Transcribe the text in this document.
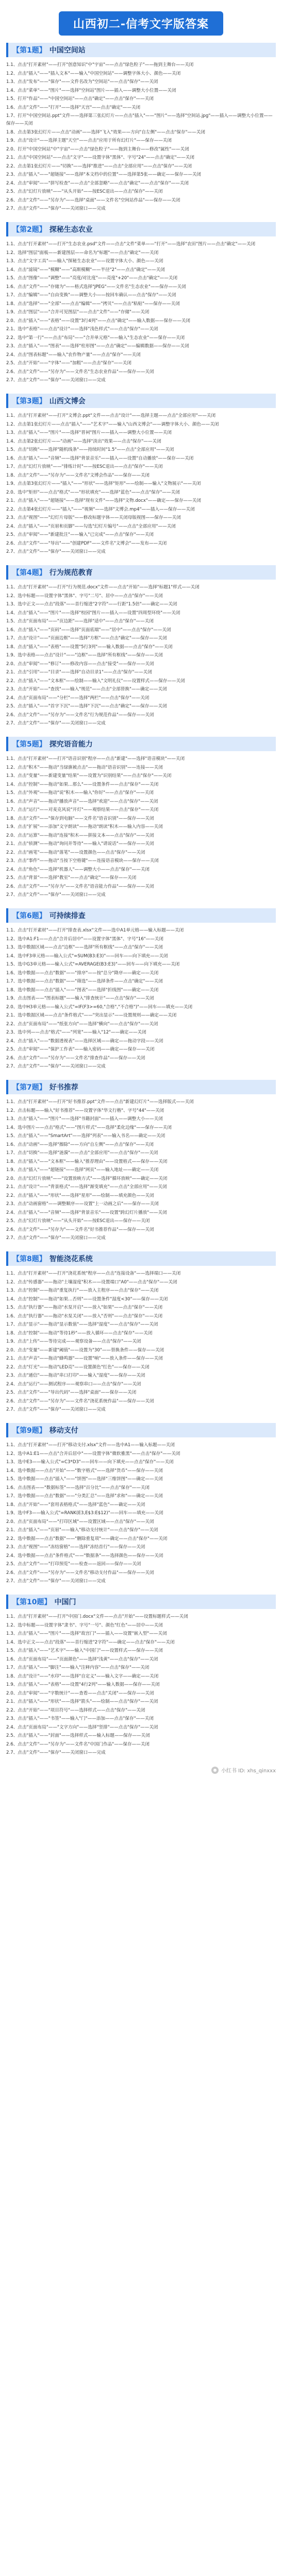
山西初二-信考文字版答案
【第1题】 中国空间站

1.1、点击"打开素材"——打开"创意知识"中"宇宙"——点击"绿色粒子"——拖到主舞台——关闭

1.2、点击"插入"——"插入文本"——输入"中国空间站"——调整字体大小、颜色——关闭

1.3、点击"发布"——"保存"——文件名改为"空间站"——点击"保存"——关闭

1.4、点击"菜单"——"图片"——选择"空间站"图片——插入——调整大小位置——关闭

1.5、打开"作品"——"中国空间站"——点击"确定"——点击"保存"——关闭

1.6、点击"文件"——"打开"——选择"天宫"——点击"确定"——关闭

1.7、打开"中国空间站.ppt"文件——选择第三张幻灯片——点击"插入"——"图片"——选择"空间站.jpg"——插入——调整大小位置——保存——关闭

1.8、点击第3张幻灯片——点击"动画"——选择"飞入"效果——方向"自左侧"——点击"保存"——关闭

1.9、点击"设计"——选择主题"天空"——点击"应用于所有幻灯片"——保存——关闭

2.0、打开"中国空间站"中"宇宙"——点击"绿色粒子"——拖到主舞台——修改"属性"——关闭

2.1、点击"中国空间站"——点击"文字"——设置字体"黑体"、字号"24"——点击"确定"——关闭

2.2、点击第1张幻灯片——"切换"——选择"推进"——点击"全部应用"——点击"保存"——关闭

2.3、点击"插入"——"超链接"——选择"本文档中的位置"——选择第5张——确定——保存——关闭

2.4、点击"审阅"——"拼写检查"——点击"全部忽略"——点击"确定"——点击"保存"——关闭

2.5、点击"幻灯片放映"——"从头开始"——按ESC退出——点击"保存"——关闭

2.6、点击"文件"——"另存为"——选择"桌面"——文件名"空间站作品"——保存——关闭

2.7、点击"文件"——"保存"——关闭窗口——完成

【第2题】 探秘生态农业

1.1、点击"打开素材"——打开"生态农业.psd"文件——点击"文件"菜单——"打开"——选择"农田"图片——点击"确定"——关闭

1.2、选择"图层"面板——新建图层——命名为"标题"——点击"确定"——关闭

1.3、点击"文字工具"——输入"探秘生态农业"——设置字体大小、颜色——关闭

1.4、点击"滤镜"——"模糊"——"高斯模糊"——半径"2"——点击"确定"——关闭

1.5、点击"图像"——"调整"——"亮度/对比度"——亮度"+20"——点击"确定"——关闭

1.6、点击"文件"——"存储为"——格式选择"JPEG"——文件名"生态农业"——保存——关闭

1.7、点击"编辑"——"自由变换"——调整大小——按回车确认——点击"保存"——关闭

1.8、点击"选择"——"全部"——点击"编辑"——"拷贝"——点击"粘贴"——保存——关闭

1.9、点击"图层"——"合并可见图层"——点击"文件"——"存储"——关闭

2.0、点击"插入"——"表格"——设置"3行4列"——点击"确定"——输入数据——保存——关闭

2.1、选中"表格"——点击"设计"——选择"浅色样式"——点击"保存"——关闭

2.2、选中"第一行"——点击"布局"——"合并单元格"——输入"生态农业"——保存——关闭

2.3、点击"插入"——"图表"——选择"柱形图"——点击"确定"——编辑数据——保存——关闭

2.4、点击"图表标题"——输入"农作物产量"——点击"保存"——关闭

2.5、点击"开始"——"字体"——"加粗"——点击"保存"——关闭

2.6、点击"文件"——"另存为"——文件名"生态农业作品"——保存——关闭

2.7、点击"文件"——"保存"——关闭窗口——完成

【第3题】 山西文博会

1.1、点击"打开素材"——打开"文博会.ppt"文件——点击"设计"——选择主题——点击"全部应用"——关闭

1.2、点击第1张幻灯片——点击"插入"——"艺术字"——输入"山西文博会"——调整字体大小、颜色——关闭

1.3、点击"插入"——"图片"——选择"晋祠"图片——插入——调整大小位置——关闭

1.4、点击第2张幻灯片——"动画"——选择"淡出"效果——点击"保存"——关闭

1.5、点击"切换"——选择"随机线条"——持续时间"1.5"——点击"全部应用"——关闭

1.6、点击"插入"——"音频"——选择"背景音乐"——插入——设置"自动播放"——保存——关闭

1.7、点击"幻灯片放映"——"排练计时"——按ESC退出——点击"保存"——关闭

1.8、点击"文件"——"另存为"——文件名"文博会作品"——保存——关闭

1.9、点击第3张幻灯片——"插入"——"形状"——选择"矩形"——绘制——输入"文物展示"——关闭

2.0、选中"矩形"——点击"格式"——"形状填充"——选择"蓝色"——点击"保存"——关闭

2.1、点击"插入"——"超链接"——选择"现有文件"——选择"文物.docx"——确定——保存——关闭

2.2、点击第4张幻灯片——"插入"——"视频"——选择"文博会.mp4"——插入——保存——关闭

2.3、点击"视图"——"幻灯片母版"——修改标题字体——关闭母版视图——保存——关闭

2.4、点击"插入"——"页眉和页脚"——勾选"幻灯片编号"——点击"全部应用"——关闭

2.5、点击"审阅"——"新建批注"——输入"已完成"——点击"保存"——关闭

2.6、点击"文件"——"导出"——"创建PDF"——文件名"文博会"——发布——关闭

2.7、点击"文件"——"保存"——关闭窗口——完成

【第4题】 行为规范教育

1.1、点击"打开素材"——打开"行为规范.docx"文件——点击"开始"——选择"标题1"样式——关闭

1.2、选中标题——设置字体"黑体"、字号"二号"、居中——点击"保存"——关闭

1.3、选中正文——点击"段落"——首行缩进"2字符"——行距"1.5倍"——确定——关闭

1.4、点击"插入"——"图片"——选择"校园"图片——插入——设置"四周型环绕"——关闭

1.5、点击"页面布局"——"页边距"——选择"适中"——点击"保存"——关闭

1.6、点击"插入"——"页码"——选择"页面底端"——"居中"——点击"保存"——关闭

1.7、点击"设计"——"页面边框"——选择"方框"——点击"确定"——保存——关闭

1.8、点击"插入"——"表格"——设置"5行3列"——输入数据——点击"保存"——关闭

1.9、选中表格——点击"设计"——"边框"——选择"所有框线"——保存——关闭

2.0、点击"审阅"——"修订"——修改内容——点击"接受"——保存——关闭

2.1、点击"引用"——"目录"——选择"自动目录1"——点击"保存"——关闭

2.2、点击"插入"——"文本框"——绘制——输入"文明礼仪"——设置样式——保存——关闭

2.3、点击"开始"——"查找"——输入"规范"——点击"全部替换"——确定——关闭

2.4、点击"页面布局"——"分栏"——选择"两栏"——点击"保存"——关闭

2.5、点击"插入"——"首字下沉"——选择"下沉"——点击"确定"——保存——关闭

2.6、点击"文件"——"另存为"——文件名"行为规范作品"——保存——关闭

2.7、点击"文件"——"保存"——关闭窗口——完成

【第5题】 探究语音能力

1.1、点击"打开素材"——打开"语音识别"程序——点击"新建"——选择"语音模块"——关闭

1.2、点击"积木"——拖动"当绿旗被点击"——拖动"语音识别"——连接——关闭

1.3、点击"变量"——新建变量"结果"——设置为"识别结果"——点击"保存"——关闭

1.4、点击"控制"——拖动"如果…那么"——设置条件——点击"保存"——关闭

1.5、点击"外观"——拖动"说"积木——输入"你好"——点击"保存"——关闭

1.6、点击"声音"——拖动"播放声音"——选择"欢迎"——点击"保存"——关闭

1.7、点击"运行"——对麦克风说"开灯"——观察结果——点击"保存"——关闭

1.8、点击"文件"——"保存到电脑"——文件名"语音识别"——保存——关闭

1.9、点击"扩展"——添加"文字朗读"——拖动"朗读"积木——输入内容——关闭

2.0、点击"运算"——拖动"连接"积木——拼接文本——点击"保存"——关闭

2.1、点击"侦测"——拖动"询问并等待"——输入"请说话"——保存——关闭

2.2、点击"画笔"——拖动"落笔"——设置颜色——点击"保存"——关闭

2.3、点击"事件"——拖动"当按下空格键"——连接语音模块——保存——关闭

2.4、点击"角色"——选择"机器人"——调整大小——点击"保存"——关闭

2.5、点击"背景"——选择"教室"——点击"确定"——保存——关闭

2.6、点击"文件"——"另存为"——文件名"语音能力作品"——保存——关闭

2.7、点击"文件"——"保存"——关闭窗口——完成

【第6题】 可持续排查

1.1、点击"打开素材"——打开"排查表.xlsx"文件——选中A1单元格——输入标题——关闭

1.2、选中A1:F1——点击"合并后居中"——设置字体"黑体"、字号"16"——关闭

1.3、选中数据区域——点击"边框"——选择"所有框线"——点击"保存"——关闭

1.4、选中F3单元格——输入公式"=SUM(B3:E3)"——回车——向下填充——关闭

1.5、选中G3单元格——输入公式"=AVERAGE(B3:E3)"——回车——向下填充——关闭

1.6、选中数据——点击"数据"——"排序"——按"总分"降序——确定——关闭

1.7、选中数据——点击"数据"——"筛选"——选择条件——点击"确定"——关闭

1.8、选中数据——点击"插入"——"图表"——选择"折线图"——确定——关闭

1.9、点击图表——"图表标题"——输入"排查统计"——点击"保存"——关闭

2.0、选中H3单元格——输入公式"=IF(F3>=60,"合格","不合格")"——回车——填充——关闭

2.1、选中数据区域——点击"条件格式"——"突出显示"——设置规则——确定——关闭

2.2、点击"页面布局"——"纸张方向"——选择"横向"——点击"保存"——关闭

2.3、选中列——点击"格式"——"列宽"——输入"12"——确定——关闭

2.4、点击"插入"——"数据透视表"——选择区域——确定——拖动字段——关闭

2.5、点击"审阅"——"保护工作表"——输入密码——确定——保存——关闭

2.6、点击"文件"——"另存为"——文件名"排查作品"——保存——关闭

2.7、点击"文件"——"保存"——关闭窗口——完成

【第7题】 好书推荐

1.1、点击"打开素材"——打开"好书推荐.ppt"文件——点击"新建幻灯片"——选择版式——关闭

1.2、点击标题——输入"好书推荐"——设置字体"华文行楷"、字号"44"——关闭

1.3、点击"插入"——"图片"——选择"书籍封面"——插入——调整大小——关闭

1.4、选中图片——点击"格式"——"图片样式"——选择"柔化边缘"——保存——关闭

1.5、点击"插入"——"SmartArt"——选择"列表"——输入书名——确定——关闭

1.6、点击"动画"——选择"擦除"——方向"自左侧"——点击"保存"——关闭

1.7、点击"切换"——选择"涟漪"——点击"全部应用"——点击"保存"——关闭

1.8、点击"插入"——"文本框"——输入"推荐理由"——设置格式——保存——关闭

1.9、点击"插入"——"超链接"——选择"网页"——输入地址——确定——关闭

2.0、点击"幻灯片放映"——"设置放映方式"——选择"循环放映"——确定——关闭

2.1、点击"设计"——"背景格式"——选择"渐变填充"——点击"全部应用"——关闭

2.2、点击"插入"——"形状"——选择"星形"——绘制——填充颜色——关闭

2.3、点击"动画窗格"——调整顺序——设置"上一动画之后"——保存——关闭

2.4、点击"插入"——"音频"——选择"背景音乐"——设置"跨幻灯片播放"——关闭

2.5、点击"幻灯片放映"——"从头开始"——按ESC退出——保存——关闭

2.6、点击"文件"——"另存为"——文件名"好书推荐作品"——保存——关闭

2.7、点击"文件"——"保存"——关闭窗口——完成

【第8题】 智能浇花系统

1.1、点击"打开素材"——打开"浇花系统"程序——点击"连接设备"——选择端口——关闭

1.2、点击"传感器"——拖动"土壤湿度"积木——设置端口"A0"——点击"保存"——关闭

1.3、点击"控制"——拖动"重复执行"——放入主程序——点击"保存"——关闭

1.4、点击"控制"——拖动"如果…否则"——设置条件"湿度<30"——保存——关闭

1.5、点击"执行器"——拖动"水泵开启"——放入"如果"——点击"保存"——关闭

1.6、点击"执行器"——拖动"水泵关闭"——放入"否则"——点击"保存"——关闭

1.7、点击"显示"——拖动"显示数值"——选择"湿度"——点击"保存"——关闭

1.8、点击"控制"——拖动"等待1秒"——放入循环——点击"保存"——关闭

1.9、点击"上传"——等待完成——观察设备——点击"保存"——关闭

2.0、点击"变量"——新建"阈值"——设置为"30"——替换条件——保存——关闭

2.1、点击"声音"——拖动"蜂鸣器"——设置"响"——放入条件——保存——关闭

2.2、点击"灯光"——拖动"LED亮"——设置颜色"红色"——保存——关闭

2.3、点击"通信"——拖动"串口打印"——输入"湿度"——保存——关闭

2.4、点击"运行"——测试程序——观察串口——点击"保存"——关闭

2.5、点击"文件"——"导出代码"——选择"桌面"——保存——关闭

2.6、点击"文件"——"另存为"——文件名"浇花系统作品"——保存——关闭

2.7、点击"文件"——"保存"——关闭窗口——完成

【第9题】 移动支付

1.1、点击"打开素材"——打开"移动支付.xlsx"文件——选中A1——输入标题——关闭

1.2、选中A1:E1——点击"合并后居中"——设置字体"微软雅黑"——点击"保存"——关闭

1.3、选中E3——输入公式"=C3*D3"——回车——向下填充——点击"保存"——关闭

1.4、选中数据——点击"开始"——"数字格式"——选择"货币"——保存——关闭

1.5、选中数据——点击"插入"——"饼图"——选择"三维饼图"——确定——关闭

1.6、点击图表——"数据标签"——选择"百分比"——点击"保存"——关闭

1.7、选中数据——点击"数据"——"分类汇总"——选择"求和"——确定——关闭

1.8、点击"开始"——"套用表格格式"——选择"蓝色"——确定——关闭

1.9、选中F3——输入公式"=RANK(E3,E$3:E$12)"——回车——填充——关闭

2.0、点击"页面布局"——"打印区域"——设置区域——点击"保存"——关闭

2.1、点击"插入"——"页眉"——输入"移动支付统计"——点击"保存"——关闭

2.2、选中数据——点击"数据"——"删除重复项"——确定——点击"保存"——关闭

2.3、点击"视图"——"冻结窗格"——选择"冻结首行"——保存——关闭

2.4、选中数据——点击"条件格式"——"数据条"——选择颜色——保存——关闭

2.5、点击"文件"——"打印预览"——检查——返回——保存——关闭

2.6、点击"文件"——"另存为"——文件名"移动支付作品"——保存——关闭

2.7、点击"文件"——"保存"——关闭窗口——完成

【第10题】 中国门

1.1、点击"打开素材"——打开"中国门.docx"文件——点击"开始"——设置标题样式——关闭

1.2、选中标题——设置字体"隶书"、字号"一号"、颜色"红色"——居中——关闭

1.3、点击"插入"——"图片"——选择"故宫门"——插入——设置"嵌入型"——关闭

1.4、选中正文——点击"段落"——首行缩进"2字符"——确定——点击"保存"——关闭

1.5、点击"插入"——"艺术字"——输入"中国门"——设置样式——保存——关闭

1.6、点击"页面布局"——"页面颜色"——选择"浅黄"——点击"保存"——关闭

1.7、点击"插入"——"脚注"——输入"注释内容"——点击"保存"——关闭

1.8、点击"设计"——"水印"——选择"自定义"——输入文字——确定——关闭

1.9、点击"插入"——"表格"——设置"4行2列"——输入数据——保存——关闭

2.0、点击"审阅"——"字数统计"——查看——点击"关闭"——保存——关闭

2.1、点击"插入"——"形状"——选择"箭头"——绘制——点击"保存"——关闭

2.2、点击"开始"——"项目符号"——选择样式——点击"保存"——关闭

2.3、点击"插入"——"书签"——输入"门"——添加——点击"保存"——关闭

2.4、点击"页面布局"——"文字方向"——选择"竖排"——点击"保存"——关闭

2.5、点击"插入"——"封面"——选择样式——输入标题——保存——关闭

2.6、点击"文件"——"另存为"——文件名"中国门作品"——保存——关闭

2.7、点击"文件"——"保存"——关闭窗口——完成

小红书 ID: xhs_qinxxx
